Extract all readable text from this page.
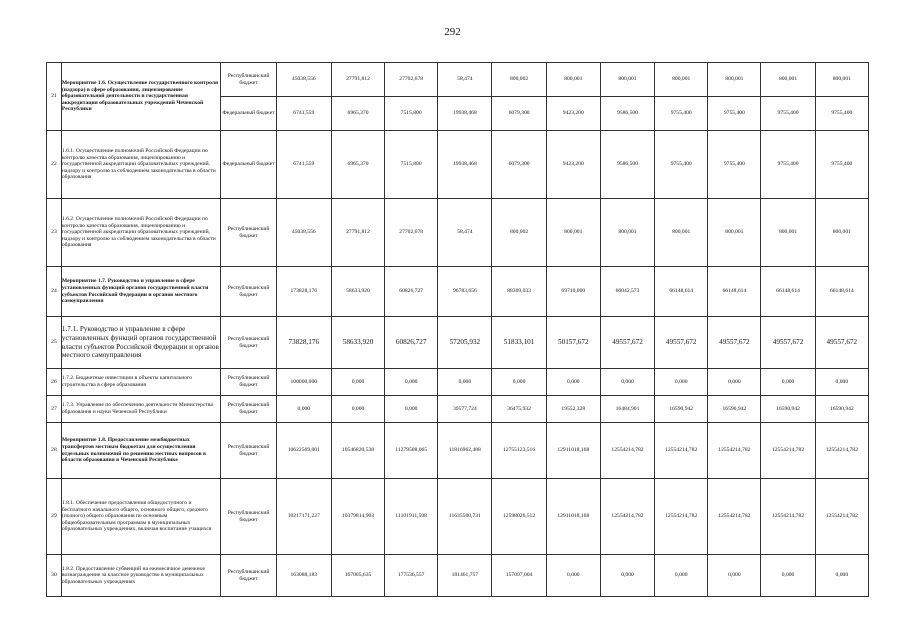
292
21	Мероприятие 1.6. Осуществление государственного контроля (надзора) в сфере образования, лицензирование образовательной деятельности и государственная аккредитация образовательных учреждений Чеченской Республики	Республиканский бюджет	45038,556	27791,812	27702,678	58,474	800,002	800,001	800,001	800,001	800,001	800,001	800,001
		Федеральный бюджет	6741,559	6965,370	7515,800	19938,468	6079,300	9423,200	9586,500	9755,400	9755,400	9755,400	9755,400
22	1.6.1. Осуществление полномочий Российской Федерации по контролю качества образования, лицензированию и государственной аккредитации образовательных учреждений, надзору и контролю за соблюдением законодательства в области образования	Федеральный бюджет	6741,559	6965,370	7515,800	19938,468	6079,300	9423,200	9586,500	9755,400	9755,400	9755,400	9755,400
23	1.6.2. Осуществление полномочий Российской Федерации по контролю качества образования, лицензированию и государственной аккредитации образовательных учреждений, надзору и контролю за соблюдением законодательства в области образования	Республиканский бюджет	45038,556	27791,812	27702,678	58,474	800,002	800,001	800,001	800,001	800,001	800,001	800,001
24	Мероприятие 1.7. Руководство и управление в сфере установленных функций органов государственной власти субъектов Российской Федерации и органов местного самоуправления	Республиканский бюджет	173828,176	58633,920	60826,727	96783,656	88309,033	69710,000	66042,573	66148,614	66148,614	66148,614	66148,614
25	1.7.1. Руководство и управление в сфере установленных функций органов государственной власти субъектов Российской Федерации и органов местного самоуправления	Республиканский бюджет	73828,176	58633,920	60826,727	57205,932	51833,101	50157,672	49557,672	49557,672	49557,672	49557,672	49557,672
26	1.7.2. Бюджетные инвестиции в объекты капитального строительства в сфере образования	Республиканский бюджет	100000,000	0,000	0,000	0,000	0,000	0,000	0,000	0,000	0,000	0,000	0,000
27	1.7.3. Управление по обеспечению деятельности Министерства образования и науки Чеченской Республики	Республиканский бюджет	0,000	0,000	0,000	39577,724	36475,932	19552,328	16484,901	16590,942	16590,942	16590,942	16590,942
28	Мероприятие 1.8. Предоставление межбюджетных трансфертов местным бюджетам для осуществления отдельных полномочий по решению местных вопросов в области образования в Чеченской Республике	Республиканский бюджет	10622569,001	10546820,538	11279508,065	11816962,488	12755123,516	12911018,168	12554214,782	12554214,782	12554214,782	12554214,782	12554214,782
29	1.8.1. Обеспечение предоставления общедоступного и бесплатного начального общего, основного общего, среднего (полного) общего образования по основным общеобразовательным программам в муниципальных образовательных учреждениях, включая воспитание учащихся	Республиканский бюджет	10217171,227	10379814,903	11101911,508	11635500,731	12598026,512	12911018,168	12554214,782	12554214,782	12554214,782	12554214,782	12554214,782
30	1.8.2. Предоставление субвенций на ежемесячное денежное вознаграждение за классное руководство в муниципальных образовательных учреждениях	Республиканский бюджет	163088,183	167005,635	177536,557	181461,757	157097,004	0,000	0,000	0,000	0,000	0,000	0,000
